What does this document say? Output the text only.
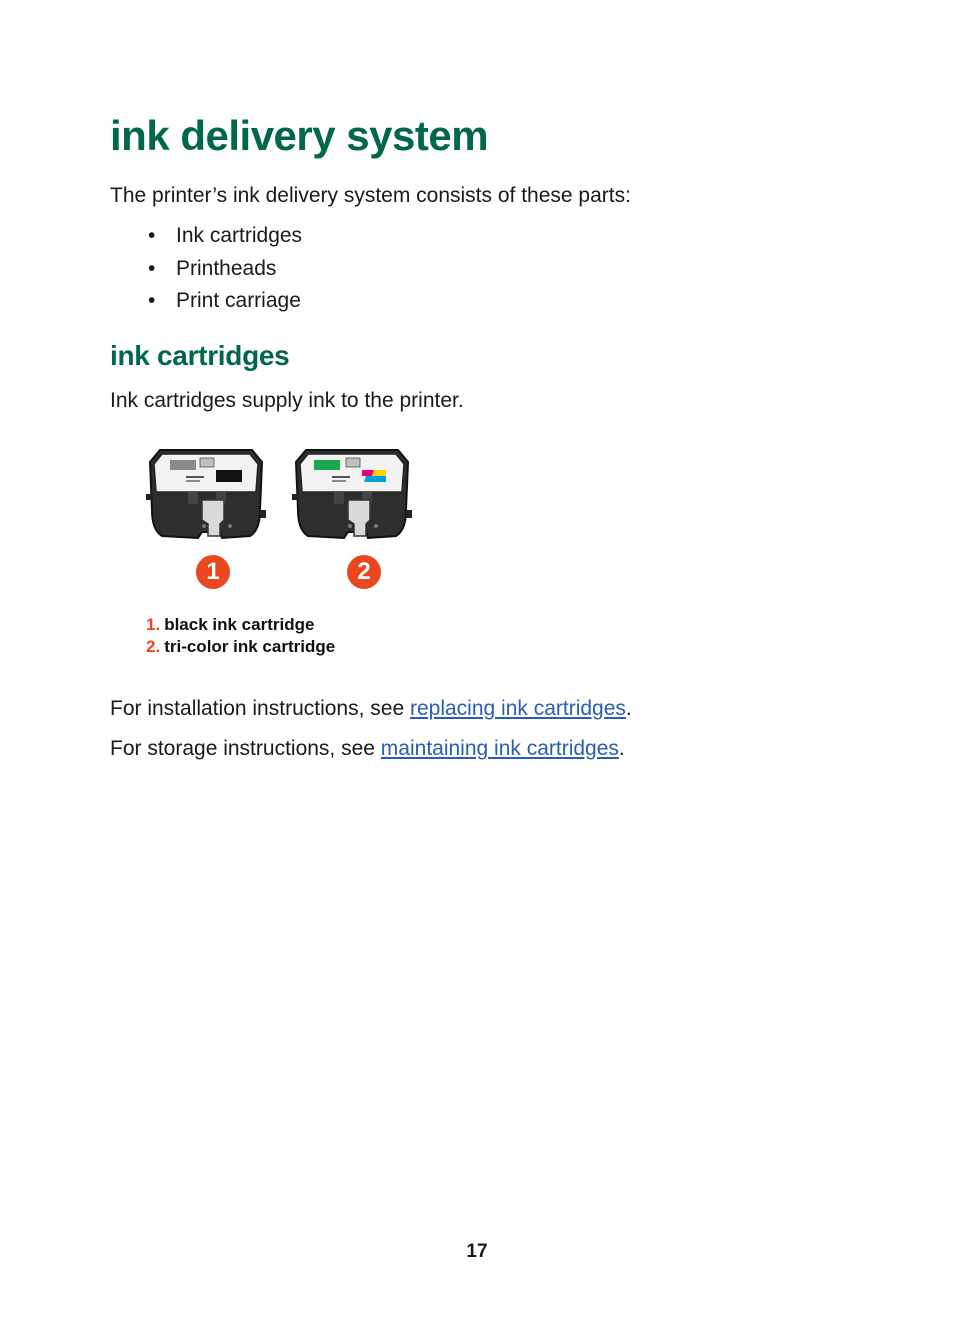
ink delivery system

The printer’s ink delivery system consists of these parts:

• Ink cartridges
• Printheads
• Print carriage
ink cartridges

Ink cartridges supply ink to the printer.

1	2
1. black ink cartridge
2. tri-color ink cartridge

For installation instructions, see replacing ink cartridges.

For storage instructions, see maintaining ink cartridges.

17
